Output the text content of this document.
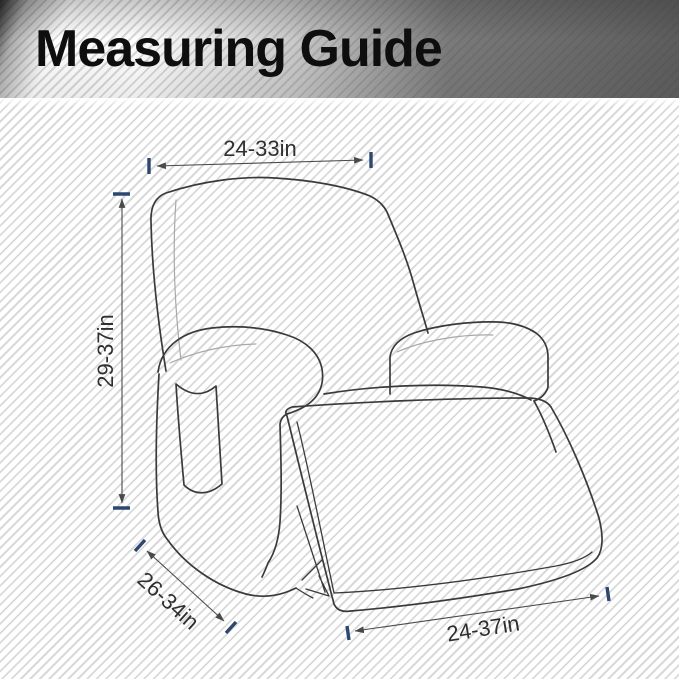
Measuring Guide
24-33in
29-37in
26-34in	24-37in
